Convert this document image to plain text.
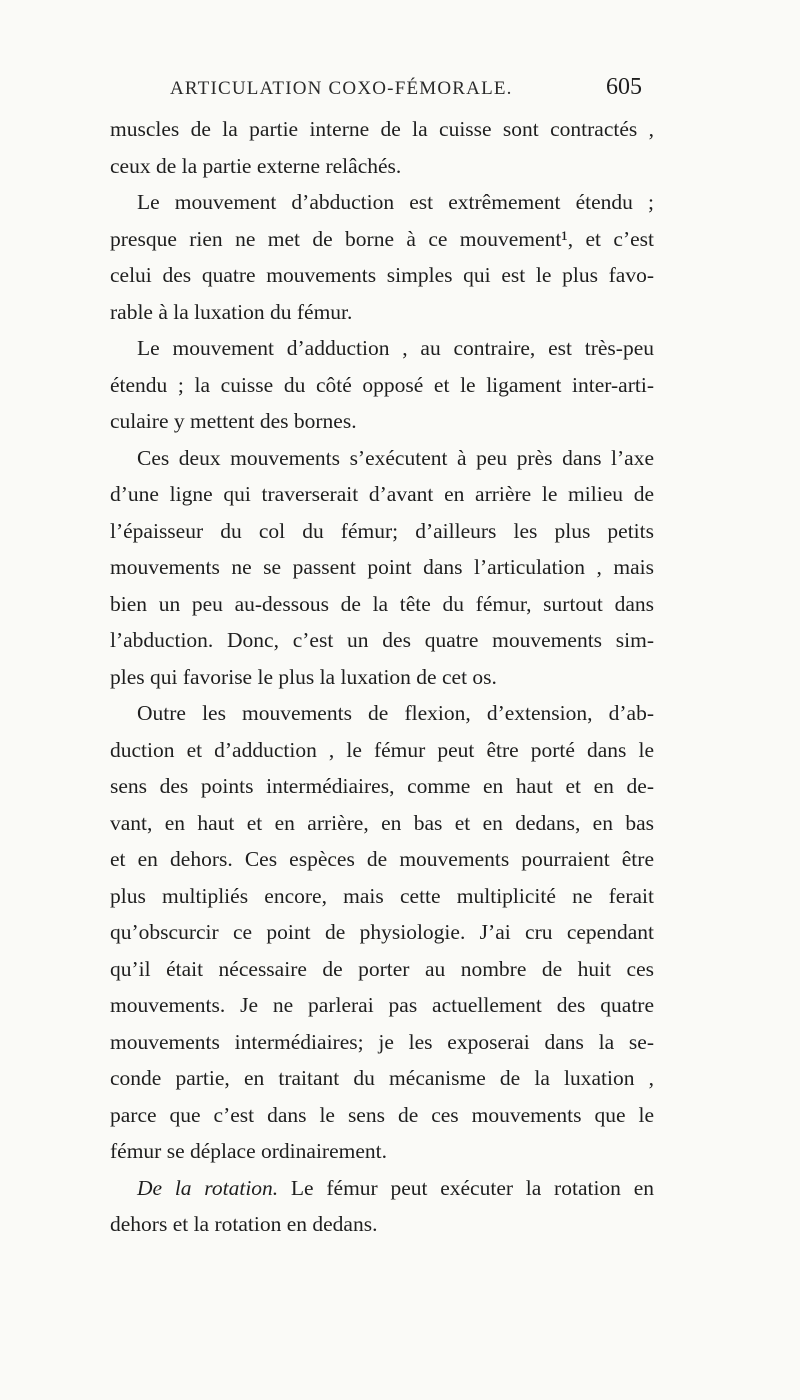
ARTICULATION COXO-FÉMORALE.	605
muscles de la partie interne de la cuisse sont contractés ,
ceux de la partie externe relâchés.
Le mouvement d’abduction est extrêmement étendu ;
presque rien ne met de borne à ce mouvement¹, et c’est
celui des quatre mouvements simples qui est le plus favo-
rable à la luxation du fémur.
Le mouvement d’adduction , au contraire, est très-peu
étendu ; la cuisse du côté opposé et le ligament inter-arti-
culaire y mettent des bornes.
Ces deux mouvements s’exécutent à peu près dans l’axe
d’une ligne qui traverserait d’avant en arrière le milieu de
l’épaisseur du col du fémur; d’ailleurs les plus petits
mouvements ne se passent point dans l’articulation , mais
bien un peu au-dessous de la tête du fémur, surtout dans
l’abduction. Donc, c’est un des quatre mouvements sim-
ples qui favorise le plus la luxation de cet os.
Outre les mouvements de flexion, d’extension, d’ab-
duction et d’adduction , le fémur peut être porté dans le
sens des points intermédiaires, comme en haut et en de-
vant, en haut et en arrière, en bas et en dedans, en bas
et en dehors. Ces espèces de mouvements pourraient être
plus multipliés encore, mais cette multiplicité ne ferait
qu’obscurcir ce point de physiologie. J’ai cru cependant
qu’il était nécessaire de porter au nombre de huit ces
mouvements. Je ne parlerai pas actuellement des quatre
mouvements intermédiaires; je les exposerai dans la se-
conde partie, en traitant du mécanisme de la luxation ,
parce que c’est dans le sens de ces mouvements que le
fémur se déplace ordinairement.
De la rotation. Le fémur peut exécuter la rotation en
dehors et la rotation en dedans.
